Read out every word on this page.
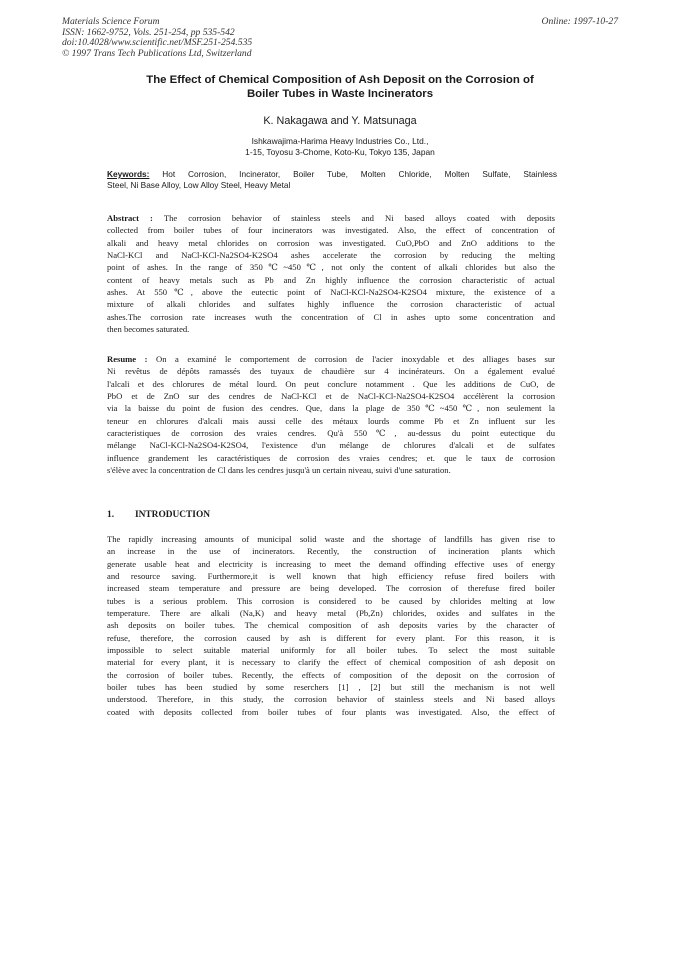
Materials Science Forum
ISSN: 1662-9752, Vols. 251-254, pp 535-542
doi:10.4028/www.scientific.net/MSF.251-254.535
© 1997 Trans Tech Publications Ltd, Switzerland
Online: 1997-10-27
The Effect of Chemical Composition of Ash Deposit on the Corrosion of
Boiler Tubes in Waste Incinerators
K. Nakagawa and Y. Matsunaga
Ishkawajima-Harima Heavy Industries Co., Ltd.,
1-15, Toyosu 3-Chome, Koto-Ku, Tokyo 135, Japan
Keywords: Hot Corrosion, Incinerator, Boiler Tube, Molten Chloride, Molten Sulfate, Stainless
Steel, Ni Base Alloy, Low Alloy Steel, Heavy Metal
Abstract : The corrosion behavior of stainless steels and Ni based alloys coated with deposits
collected from boiler tubes of four incinerators was investigated. Also, the effect of concentration of
alkali and heavy metal chlorides on corrosion was investigated. CuO,PbO and ZnO additions to the
NaCl-KCl and NaCl-KCl-Na2SO4-K2SO4 ashes accelerate the corrosion by reducing the melting
point of ashes. In the range of 350℃~450℃, not only the content of alkali chlorides but also the
content of heavy metals such as Pb and Zn highly influence the corrosion characteristic of actual
ashes. At 550℃, above the eutectic point of NaCl-KCl-Na2SO4-K2SO4 mixture, the existence of a
mixture of alkali chlorides and sulfates highly influence the corrosion characteristic of actual
ashes.The corrosion rate increases wuth the concentration of Cl in ashes upto some concentration and
then becomes saturated.
Resume : On a examiné le comportement de corrosion de l'acier inoxydable et des alliages bases sur
Ni revêtus de dépôts ramassés des tuyaux de chaudière sur 4 incinérateurs. On a également evalué
l'alcali et des chlorures de métal lourd. On peut conclure notamment . Que les additions de CuO, de
PbO et de ZnO sur des cendres de NaCl-KCl et de NaCl-KCl-Na2SO4-K2SO4 accélèrent la corrosion
via la baisse du point de fusion des cendres. Que, dans la plage de 350℃~450℃, non seulement la
teneur en chlorures d'alcali mais aussi celle des métaux lourds comme Pb et Zn influent sur les
caracteristiques de corrosion des vraies cendres. Qu'à 550℃, au-dessus du point eutectique du
mélange NaCl-KCl-Na2SO4-K2SO4, l'existence d'un mélange de chlorures d'alcali et de sulfates
influence grandement les caractéristiques de corrosion des vraies cendres; et. que le taux de corrosion
s'élève avec la concentration de Cl dans les cendres jusqu'à un certain niveau, suivi d'une saturation.
1. INTRODUCTION
The rapidly increasing amounts of municipal solid waste and the shortage of landfills has given rise to
an increase in the use of incinerators. Recently, the construction of incineration plants which
generate usable heat and electricity is increasing to meet the demand offinding effective uses of energy
and resource saving. Furthermore,it is well known that high efficiency refuse fired boilers with
increased steam temperature and pressure are being developed. The corrosion of therefuse fired boiler
tubes is a serious problem. This corrosion is considered to be caused by chlorides melting at low
temperature. There are alkali (Na,K) and heavy metal (Pb,Zn) chlorides, oxides and sulfates in the
ash deposits on boiler tubes. The chemical composition of ash deposits varies by the character of
refuse, therefore, the corrosion caused by ash is different for every plant. For this reason, it is
impossible to select suitable material uniformly for all boiler tubes. To select the most suitable
material for every plant, it is necessary to clarify the effect of chemical composition of ash deposit on
the corrosion of boiler tubes. Recently, the effects of composition of the deposit on the corrosion of
boiler tubes has been studied by some reserchers [1] , [2] but still the mechanism is not well
understood. Therefore, in this study, the corrosion behavior of stainless steels and Ni based alloys
coated with deposits collected from boiler tubes of four plants was investigated. Also, the effect of
